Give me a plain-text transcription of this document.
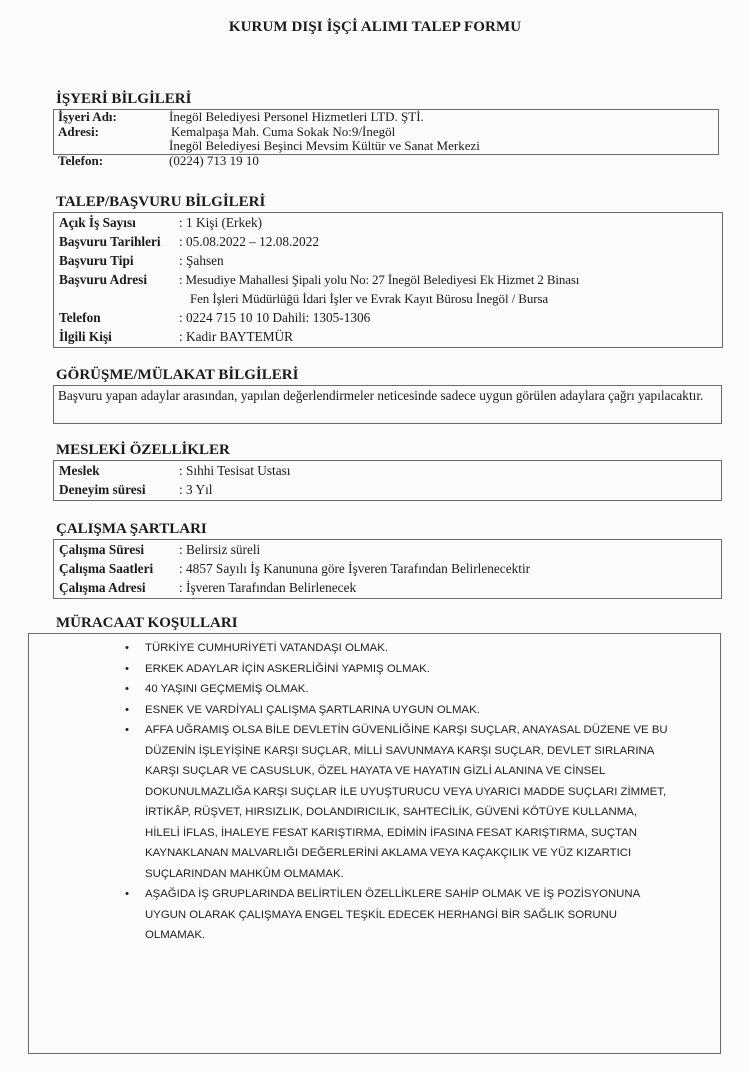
KURUM DIŞI İŞÇİ ALIMI TALEP FORMU
İŞYERİ BİLGİLERİ
İşyeri Adı:	İnegöl Belediyesi Personel Hizmetleri LTD. ŞTİ.
Adresi:	Kemalpaşa Mah. Cuma Sokak No:9/İnegöl
İnegöl Belediyesi Beşinci Mevsim Kültür ve Sanat Merkezi
Telefon:	(0224) 713 19 10
TALEP/BAŞVURU BİLGİLERİ
Açık İş Sayısı	: 1 Kişi (Erkek)
Başvuru Tarihleri	: 05.08.2022 – 12.08.2022
Başvuru Tipi	: Şahsen
Başvuru Adresi	: Mesudiye Mahallesi Şipali yolu No: 27 İnegöl Belediyesi Ek Hizmet 2 Binası
Fen İşleri Müdürlüğü İdari İşler ve Evrak Kayıt Bürosu İnegöl / Bursa
Telefon	: 0224 715 10 10 Dahili: 1305-1306
İlgili Kişi	: Kadir BAYTEMÜR
GÖRÜŞME/MÜLAKAT BİLGİLERİ
Başvuru yapan adaylar arasından, yapılan değerlendirmeler neticesinde sadece uygun görülen adaylara çağrı yapılacaktır.
MESLEKİ ÖZELLİKLER
Meslek	: Sıhhi Tesisat Ustası
Deneyim süresi	: 3 Yıl
ÇALIŞMA ŞARTLARI
Çalışma Süresi	: Belirsiz süreli
Çalışma Saatleri	: 4857 Sayılı İş Kanununa göre İşveren Tarafından Belirlenecektir
Çalışma Adresi	: İşveren Tarafından Belirlenecek
MÜRACAAT KOŞULLARI
• TÜRKİYE CUMHURİYETİ VATANDAŞI OLMAK.
• ERKEK ADAYLAR İÇİN ASKERLİĞİNİ YAPMIŞ OLMAK.
• 40 YAŞINI GEÇMEMİŞ OLMAK.
• ESNEK VE VARDİYALI ÇALIŞMA ŞARTLARINA UYGUN OLMAK.
• AFFA UĞRAMIŞ OLSA BİLE DEVLETİN GÜVENLİĞİNE KARŞI SUÇLAR, ANAYASAL DÜZENE VE BU DÜZENİN İŞLEYİŞİNE KARŞI SUÇLAR, MİLLİ SAVUNMAYA KARŞI SUÇLAR, DEVLET SIRLARINA KARŞI SUÇLAR VE CASUSLUK, ÖZEL HAYATA VE HAYATIN GİZLİ ALANINA VE CİNSEL DOKUNULMAZLIĞA KARŞI SUÇLAR İLE UYUŞTURUCU VEYA UYARICI MADDE SUÇLARI ZİMMET, İRTİKÂP, RÜŞVET, HIRSIZLIK, DOLANDIRICILIK, SAHTECİLİK, GÜVENİ KÖTÜYE KULLANMA, HİLELİ İFLAS, İHALEYE FESAT KARIŞTIRMA, EDİMİN İFASINA FESAT KARIŞTIRMA, SUÇTAN KAYNAKLANAN MALVARLIĞI DEĞERLERİNİ AKLAMA VEYA KAÇAKÇILIK VE YÜZ KIZARTICI SUÇLARINDAN MAHKÛM OLMAMAK.
• AŞAĞIDA İŞ GRUPLARINDA BELİRTİLEN ÖZELLİKLERE SAHİP OLMAK VE İŞ POZİSYONUNA UYGUN OLARAK ÇALIŞMAYA ENGEL TEŞKİL EDECEK HERHANGİ BİR SAĞLIK SORUNU OLMAMAK.
